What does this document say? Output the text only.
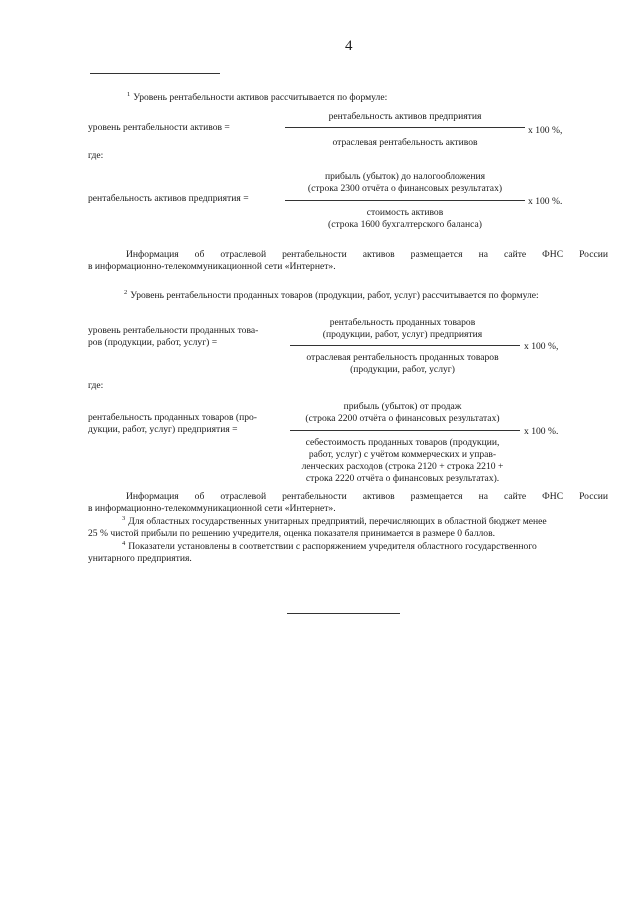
4
$^1$ Уровень рентабельности активов рассчитывается по формуле:
уровень рентабельности активов =
рентабельность активов предприятия
отраслевая рентабельность активов
x 100 %,
где:
рентабельность активов предприятия =
прибыль (убыток) до налогообложения
(строка 2300 отчёта о финансовых результатах)
стоимость активов
(строка 1600 бухгалтерского баланса)
x 100 %.
Информация об отраслевой рентабельности активов размещается на сайте ФНС России
в информационно-телекоммуникационной сети «Интернет».
$^2$ Уровень рентабельности проданных товаров (продукции, работ, услуг) рассчитывается по формуле:
уровень рентабельности проданных това-
ров (продукции, работ, услуг) =
рентабельность проданных товаров
(продукции, работ, услуг) предприятия
отраслевая рентабельность проданных товаров
(продукции, работ, услуг)
x 100 %,
где:
рентабельность проданных товаров (про-
дукции, работ, услуг) предприятия =
прибыль (убыток) от продаж
(строка 2200 отчёта о финансовых результатах)
себестоимость проданных товаров (продукции,
работ, услуг) с учётом коммерческих и управ-
ленческих расходов (строка 2120 + строка 2210 +
строка 2220 отчёта о финансовых результатах).
x 100 %.
Информация об отраслевой рентабельности активов размещается на сайте ФНС России
в информационно-телекоммуникационной сети «Интернет».
$^3$ Для областных государственных унитарных предприятий, перечисляющих в областной бюджет менее
25 % чистой прибыли по решению учредителя, оценка показателя принимается в размере 0 баллов.
$^4$ Показатели установлены в соответствии с распоряжением учредителя областного государственного
унитарного предприятия.
